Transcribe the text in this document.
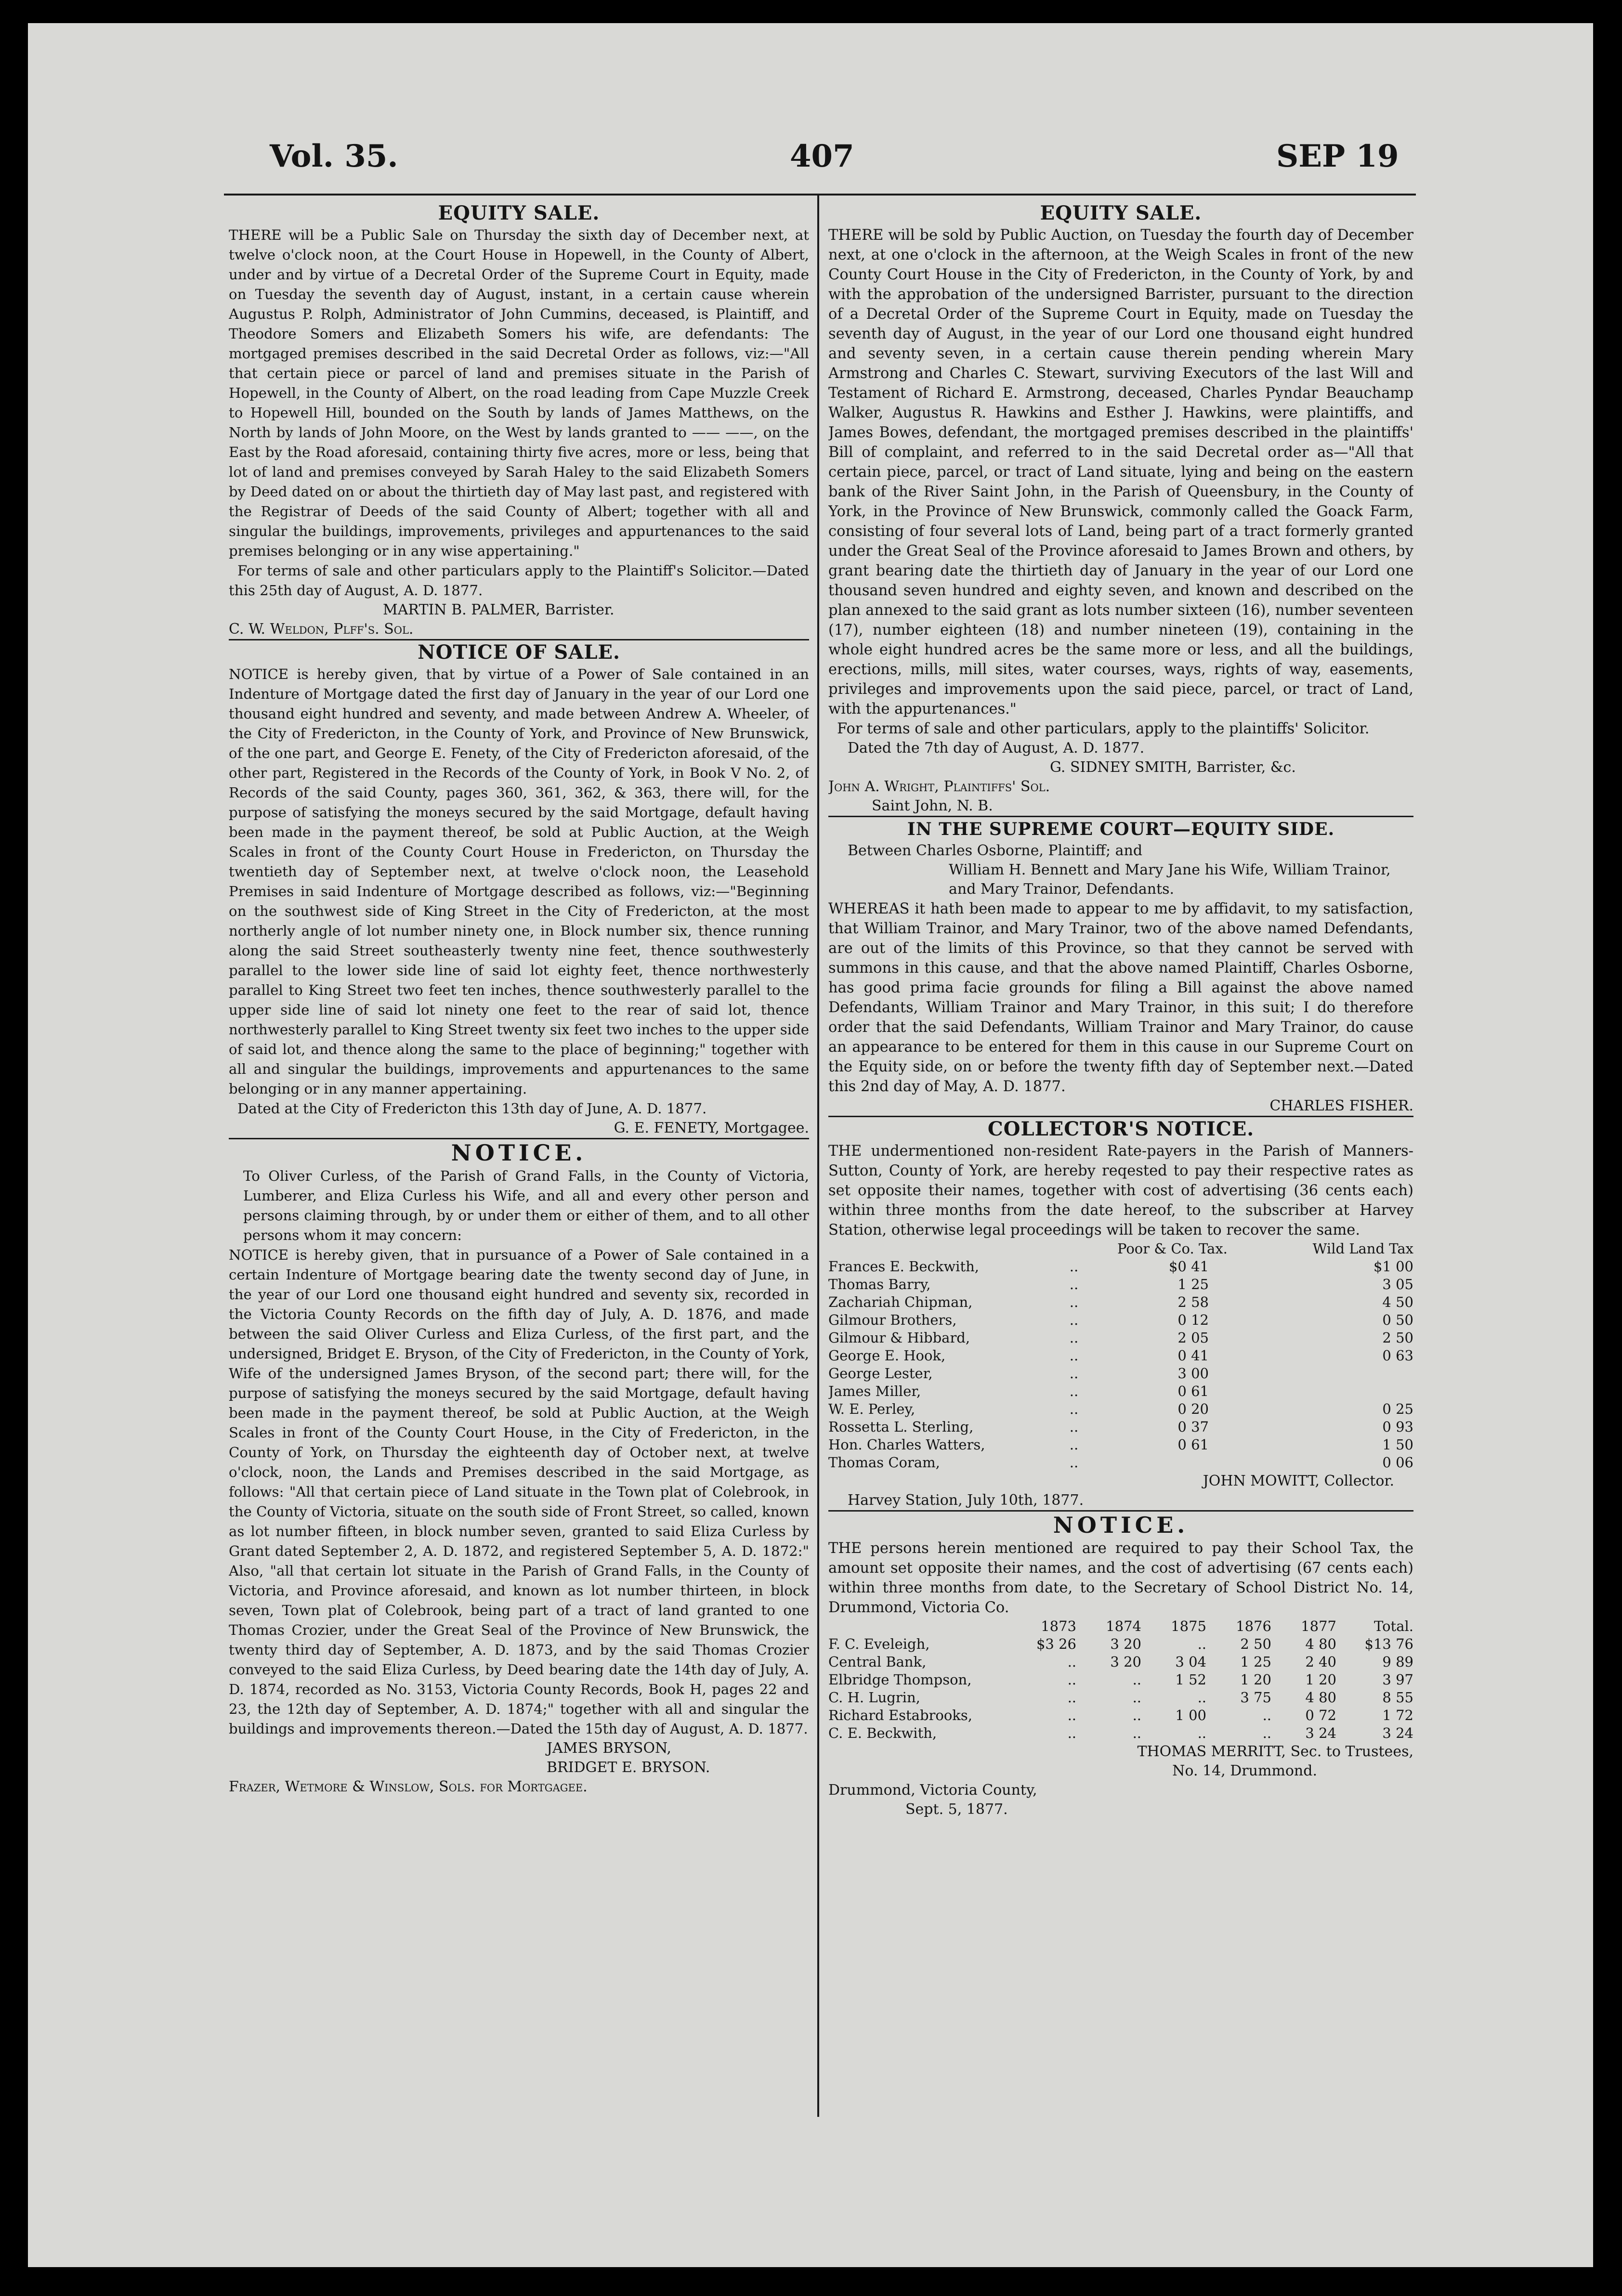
Vol. 35.	407	SEP 19
EQUITY SALE.

THERE will be a Public Sale on Thursday the sixth day of December next, at twelve o'clock noon, at the Court House in Hopewell, in the County of Albert, under and by virtue of a Decretal Order of the Supreme Court in Equity, made on Tuesday the seventh day of August, instant, in a certain cause wherein Augustus P. Rolph, Administrator of John Cummins, deceased, is Plaintiff, and Theodore Somers and Elizabeth Somers his wife, are defendants: The mortgaged premises described in the said Decretal Order as follows, viz:—"All that certain piece or parcel of land and premises situate in the Parish of Hopewell, in the County of Albert, on the road leading from Cape Muzzle Creek to Hopewell Hill, bounded on the South by lands of James Matthews, on the North by lands of John Moore, on the West by lands granted to —— ——, on the East by the Road aforesaid, containing thirty five acres, more or less, being that lot of land and premises conveyed by Sarah Haley to the said Elizabeth Somers by Deed dated on or about the thirtieth day of May last past, and registered with the Registrar of Deeds of the said County of Albert; together with all and singular the buildings, improvements, privileges and appurtenances to the said premises belonging or in any wise appertaining."

For terms of sale and other particulars apply to the Plaintiff's Solicitor.—Dated this 25th day of August, A. D. 1877.

MARTIN B. PALMER, Barrister.

C. W. Weldon, Plff's. Sol.

NOTICE OF SALE.

NOTICE is hereby given, that by virtue of a Power of Sale contained in an Indenture of Mortgage dated the first day of January in the year of our Lord one thousand eight hundred and seventy, and made between Andrew A. Wheeler, of the City of Fredericton, in the County of York, and Province of New Brunswick, of the one part, and George E. Fenety, of the City of Fredericton aforesaid, of the other part, Registered in the Records of the County of York, in Book V No. 2, of Records of the said County, pages 360, 361, 362, & 363, there will, for the purpose of satisfying the moneys secured by the said Mortgage, default having been made in the payment thereof, be sold at Public Auction, at the Weigh Scales in front of the County Court House in Fredericton, on Thursday the twentieth day of September next, at twelve o'clock noon, the Leasehold Premises in said Indenture of Mortgage described as follows, viz:—"Beginning on the southwest side of King Street in the City of Fredericton, at the most northerly angle of lot number ninety one, in Block number six, thence running along the said Street southeasterly twenty nine feet, thence southwesterly parallel to the lower side line of said lot eighty feet, thence northwesterly parallel to King Street two feet ten inches, thence southwesterly parallel to the upper side line of said lot ninety one feet to the rear of said lot, thence northwesterly parallel to King Street twenty six feet two inches to the upper side of said lot, and thence along the same to the place of beginning;" together with all and singular the buildings, improvements and appurtenances to the same belonging or in any manner appertaining.

Dated at the City of Fredericton this 13th day of June, A. D. 1877.

G. E. FENETY, Mortgagee.

NOTICE.

To Oliver Curless, of the Parish of Grand Falls, in the County of Victoria, Lumberer, and Eliza Curless his Wife, and all and every other person and persons claiming through, by or under them or either of them, and to all other persons whom it may concern:

NOTICE is hereby given, that in pursuance of a Power of Sale contained in a certain Indenture of Mortgage bearing date the twenty second day of June, in the year of our Lord one thousand eight hundred and seventy six, recorded in the Victoria County Records on the fifth day of July, A. D. 1876, and made between the said Oliver Curless and Eliza Curless, of the first part, and the undersigned, Bridget E. Bryson, of the City of Fredericton, in the County of York, Wife of the undersigned James Bryson, of the second part; there will, for the purpose of satisfying the moneys secured by the said Mortgage, default having been made in the payment thereof, be sold at Public Auction, at the Weigh Scales in front of the County Court House, in the City of Fredericton, in the County of York, on Thursday the eighteenth day of October next, at twelve o'clock, noon, the Lands and Premises described in the said Mortgage, as follows: "All that certain piece of Land situate in the Town plat of Colebrook, in the County of Victoria, situate on the south side of Front Street, so called, known as lot number fifteen, in block number seven, granted to said Eliza Curless by Grant dated September 2, A. D. 1872, and registered September 5, A. D. 1872:" Also, "all that certain lot situate in the Parish of Grand Falls, in the County of Victoria, and Province aforesaid, and known as lot number thirteen, in block seven, Town plat of Colebrook, being part of a tract of land granted to one Thomas Crozier, under the Great Seal of the Province of New Brunswick, the twenty third day of September, A. D. 1873, and by the said Thomas Crozier conveyed to the said Eliza Curless, by Deed bearing date the 14th day of July, A. D. 1874, recorded as No. 3153, Victoria County Records, Book H, pages 22 and 23, the 12th day of September, A. D. 1874;" together with all and singular the buildings and improvements thereon.—Dated the 15th day of August, A. D. 1877.

JAMES BRYSON,

BRIDGET E. BRYSON.

Frazer, Wetmore & Winslow, Sols. for Mortgagee.

EQUITY SALE.

THERE will be sold by Public Auction, on Tuesday the fourth day of December next, at one o'clock in the afternoon, at the Weigh Scales in front of the new County Court House in the City of Fredericton, in the County of York, by and with the approbation of the undersigned Barrister, pursuant to the direction of a Decretal Order of the Supreme Court in Equity, made on Tuesday the seventh day of August, in the year of our Lord one thousand eight hundred and seventy seven, in a certain cause therein pending wherein Mary Armstrong and Charles C. Stewart, surviving Executors of the last Will and Testament of Richard E. Armstrong, deceased, Charles Pyndar Beauchamp Walker, Augustus R. Hawkins and Esther J. Hawkins, were plaintiffs, and James Bowes, defendant, the mortgaged premises described in the plaintiffs' Bill of complaint, and referred to in the said Decretal order as—"All that certain piece, parcel, or tract of Land situate, lying and being on the eastern bank of the River Saint John, in the Parish of Queensbury, in the County of York, in the Province of New Brunswick, commonly called the Goack Farm, consisting of four several lots of Land, being part of a tract formerly granted under the Great Seal of the Province aforesaid to James Brown and others, by grant bearing date the thirtieth day of January in the year of our Lord one thousand seven hundred and eighty seven, and known and described on the plan annexed to the said grant as lots number sixteen (16), number seventeen (17), number eighteen (18) and number nineteen (19), containing in the whole eight hundred acres be the same more or less, and all the buildings, erections, mills, mill sites, water courses, ways, rights of way, easements, privileges and improvements upon the said piece, parcel, or tract of Land, with the appurtenances."

For terms of sale and other particulars, apply to the plaintiffs' Solicitor.

Dated the 7th day of August, A. D. 1877.

G. SIDNEY SMITH, Barrister, &c.

John A. Wright, Plaintiffs' Sol.

Saint John, N. B.

IN THE SUPREME COURT—EQUITY SIDE.

Between Charles Osborne, Plaintiff; and

William H. Bennett and Mary Jane his Wife, William Trainor, and Mary Trainor, Defendants.

WHEREAS it hath been made to appear to me by affidavit, to my satisfaction, that William Trainor, and Mary Trainor, two of the above named Defendants, are out of the limits of this Province, so that they cannot be served with summons in this cause, and that the above named Plaintiff, Charles Osborne, has good prima facie grounds for filing a Bill against the above named Defendants, William Trainor and Mary Trainor, in this suit; I do therefore order that the said Defendants, William Trainor and Mary Trainor, do cause an appearance to be entered for them in this cause in our Supreme Court on the Equity side, on or before the twenty fifth day of September next.—Dated this 2nd day of May, A. D. 1877.

CHARLES FISHER.

COLLECTOR'S NOTICE.

THE undermentioned non-resident Rate-payers in the Parish of Manners-Sutton, County of York, are hereby reqested to pay their respective rates as set opposite their names, together with cost of advertising (36 cents each) within three months from the date hereof, to the subscriber at Harvey Station, otherwise legal proceedings will be taken to recover the same.

		Poor & Co. Tax.		Wild Land Tax
Frances E. Beckwith,	..	$0 41		$1 00
Thomas Barry,	..	1 25		3 05
Zachariah Chipman,	..	2 58		4 50
Gilmour Brothers,	..	0 12		0 50
Gilmour & Hibbard,	..	2 05		2 50
George E. Hook,	..	0 41		0 63
George Lester,	..	3 00		
James Miller,	..	0 61		
W. E. Perley,	..	0 20		0 25
Rossetta L. Sterling,	..	0 37		0 93
Hon. Charles Watters,	..	0 61		1 50
Thomas Coram,	..			0 06

JOHN MOWITT, Collector.

Harvey Station, July 10th, 1877.

NOTICE.

THE persons herein mentioned are required to pay their School Tax, the amount set opposite their names, and the cost of advertising (67 cents each) within three months from date, to the Secretary of School District No. 14, Drummond, Victoria Co.

	1873	1874	1875	1876	1877	Total.
F. C. Eveleigh,	$3 26	3 20	..	2 50	4 80	$13 76
Central Bank,	..	3 20	3 04	1 25	2 40	9 89
Elbridge Thompson,	..	..	1 52	1 20	1 20	3 97
C. H. Lugrin,	..	..	..	3 75	4 80	8 55
Richard Estabrooks,	..	..	1 00	..	0 72	1 72
C. E. Beckwith,	..	..	..	..	3 24	3 24

THOMAS MERRITT, Sec. to Trustees,

No. 14, Drummond.

Drummond, Victoria County,

Sept. 5, 1877.
